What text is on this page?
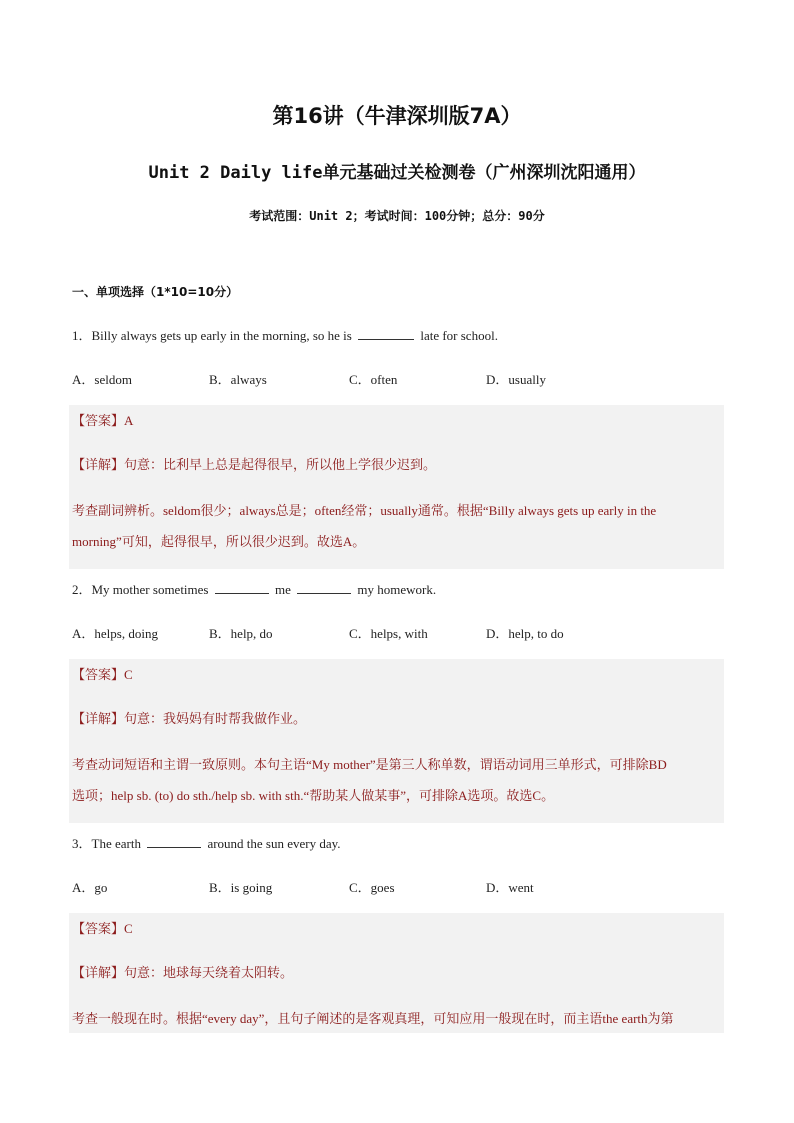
第16讲（牛津深圳版7A）
Unit 2 Daily life单元基础过关检测卷（广州深圳沈阳通用）
考试范围：Unit 2；考试时间：100分钟；总分：90分
一、单项选择（1*10=10分）
1．Billy always gets up early in the morning, so he is	late for school.
A．seldom	B．always	C．often	D．usually
【答案】A
【详解】句意：比利早上总是起得很早，所以他上学很少迟到。
考查副词辨析。seldom很少；always总是；often经常；usually通常。根据“Billy always gets up early in the
morning”可知，起得很早，所以很少迟到。故选A。
2．My mother sometimes	me	my homework.
A．helps, doing	B．help, do	C．helps, with	D．help, to do
【答案】C
【详解】句意：我妈妈有时帮我做作业。
考查动词短语和主谓一致原则。本句主语“My mother”是第三人称单数，谓语动词用三单形式，可排除BD
选项；help sb. (to) do sth./help sb. with sth.“帮助某人做某事”，可排除A选项。故选C。
3．The earth	around the sun every day.
A．go	B．is going	C．goes	D．went
【答案】C
【详解】句意：地球每天绕着太阳转。
考查一般现在时。根据“every day”，且句子阐述的是客观真理，可知应用一般现在时，而主语the earth为第
